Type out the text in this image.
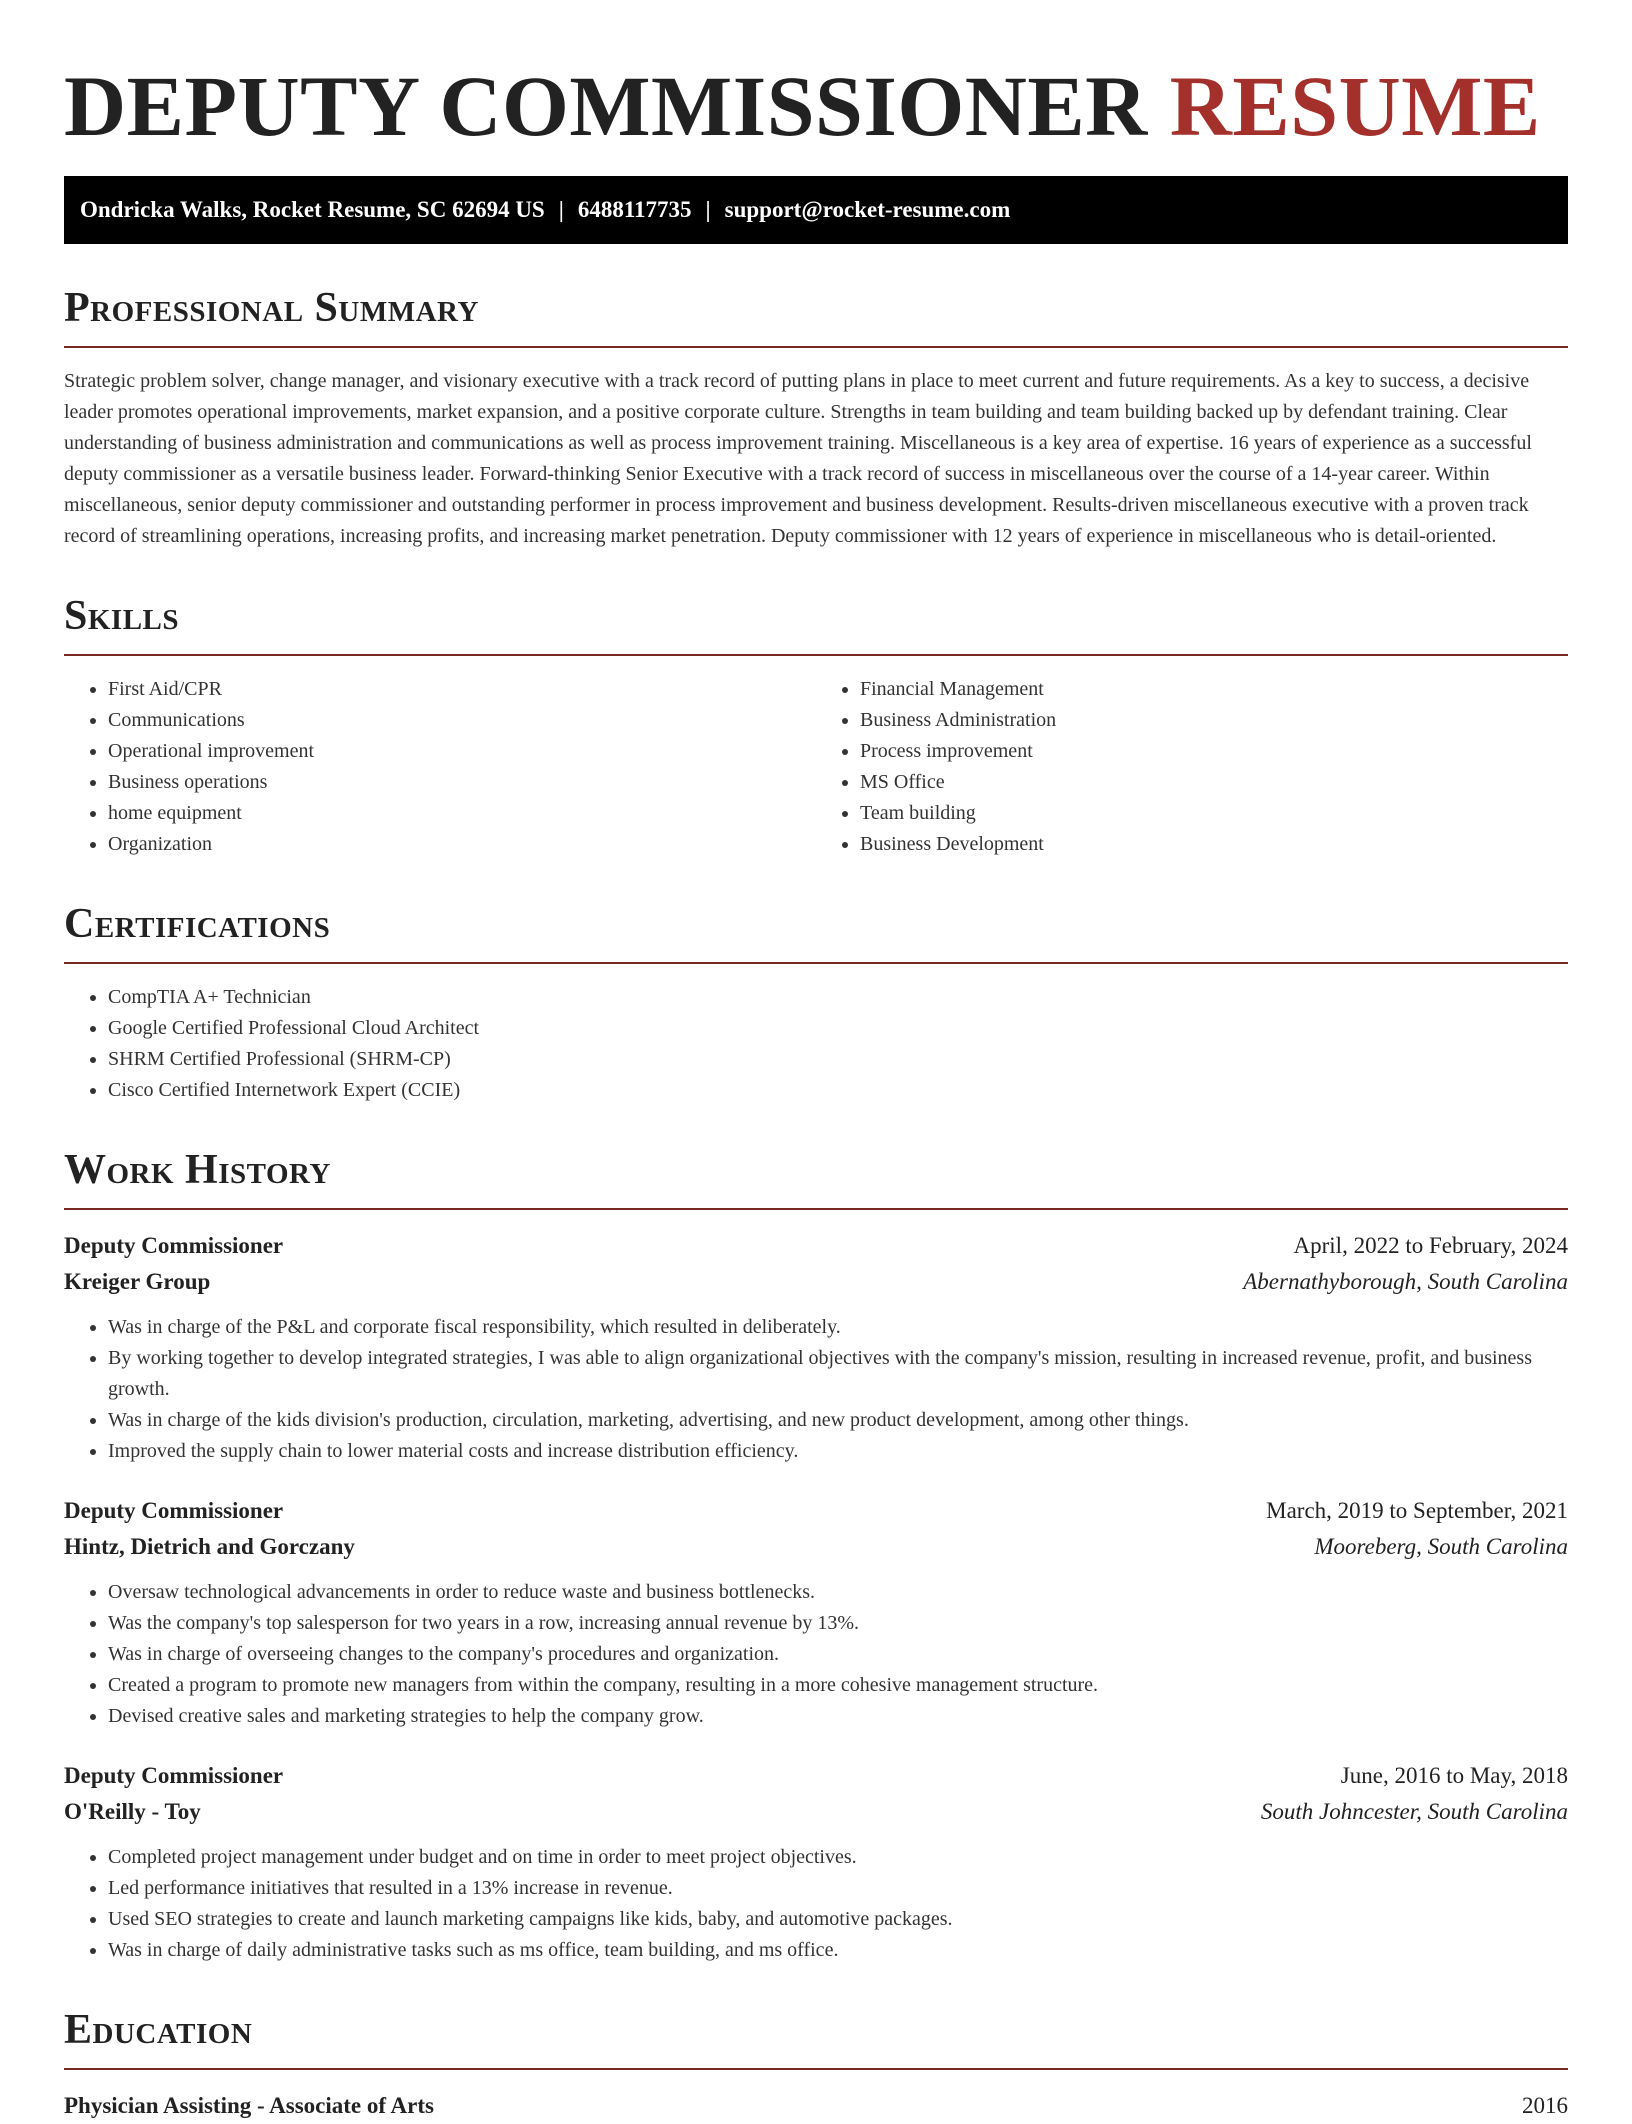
DEPUTY COMMISSIONER RESUME
Ondricka Walks, Rocket Resume, SC 62694 US | 6488117735 | support@rocket-resume.com
Professional Summary

Strategic problem solver, change manager, and visionary executive with a track record of putting plans in place to meet current and future requirements. As a key to success, a decisive leader promotes operational improvements, market expansion, and a positive corporate culture. Strengths in team building and team building backed up by defendant training. Clear understanding of business administration and communications as well as process improvement training. Miscellaneous is a key area of expertise. 16 years of experience as a successful deputy commissioner as a versatile business leader. Forward-thinking Senior Executive with a track record of success in miscellaneous over the course of a 14-year career. Within miscellaneous, senior deputy commissioner and outstanding performer in process improvement and business development. Results-driven miscellaneous executive with a proven track record of streamlining operations, increasing profits, and increasing market penetration. Deputy commissioner with 12 years of experience in miscellaneous who is detail-oriented.

Skills
• First Aid/CPR
• Communications
• Operational improvement
• Business operations
• home equipment
• Organization
• Financial Management
• Business Administration
• Process improvement
• MS Office
• Team building
• Business Development
Certifications
• CompTIA A+ Technician
• Google Certified Professional Cloud Architect
• SHRM Certified Professional (SHRM-CP)
• Cisco Certified Internetwork Expert (CCIE)
Work History
Deputy Commissioner	April, 2022 to February, 2024
Kreiger Group	Abernathyborough, South Carolina
• Was in charge of the P&L and corporate fiscal responsibility, which resulted in deliberately.
• By working together to develop integrated strategies, I was able to align organizational objectives with the company's mission, resulting in increased revenue, profit, and business growth.
• Was in charge of the kids division's production, circulation, marketing, advertising, and new product development, among other things.
• Improved the supply chain to lower material costs and increase distribution efficiency.
Deputy Commissioner	March, 2019 to September, 2021
Hintz, Dietrich and Gorczany	Mooreberg, South Carolina
• Oversaw technological advancements in order to reduce waste and business bottlenecks.
• Was the company's top salesperson for two years in a row, increasing annual revenue by 13%.
• Was in charge of overseeing changes to the company's procedures and organization.
• Created a program to promote new managers from within the company, resulting in a more cohesive management structure.
• Devised creative sales and marketing strategies to help the company grow.
Deputy Commissioner	June, 2016 to May, 2018
O'Reilly - Toy	South Johncester, South Carolina
• Completed project management under budget and on time in order to meet project objectives.
• Led performance initiatives that resulted in a 13% increase in revenue.
• Used SEO strategies to create and launch marketing campaigns like kids, baby, and automotive packages.
• Was in charge of daily administrative tasks such as ms office, team building, and ms office.
Education
Physician Assisting - Associate of Arts	2016
